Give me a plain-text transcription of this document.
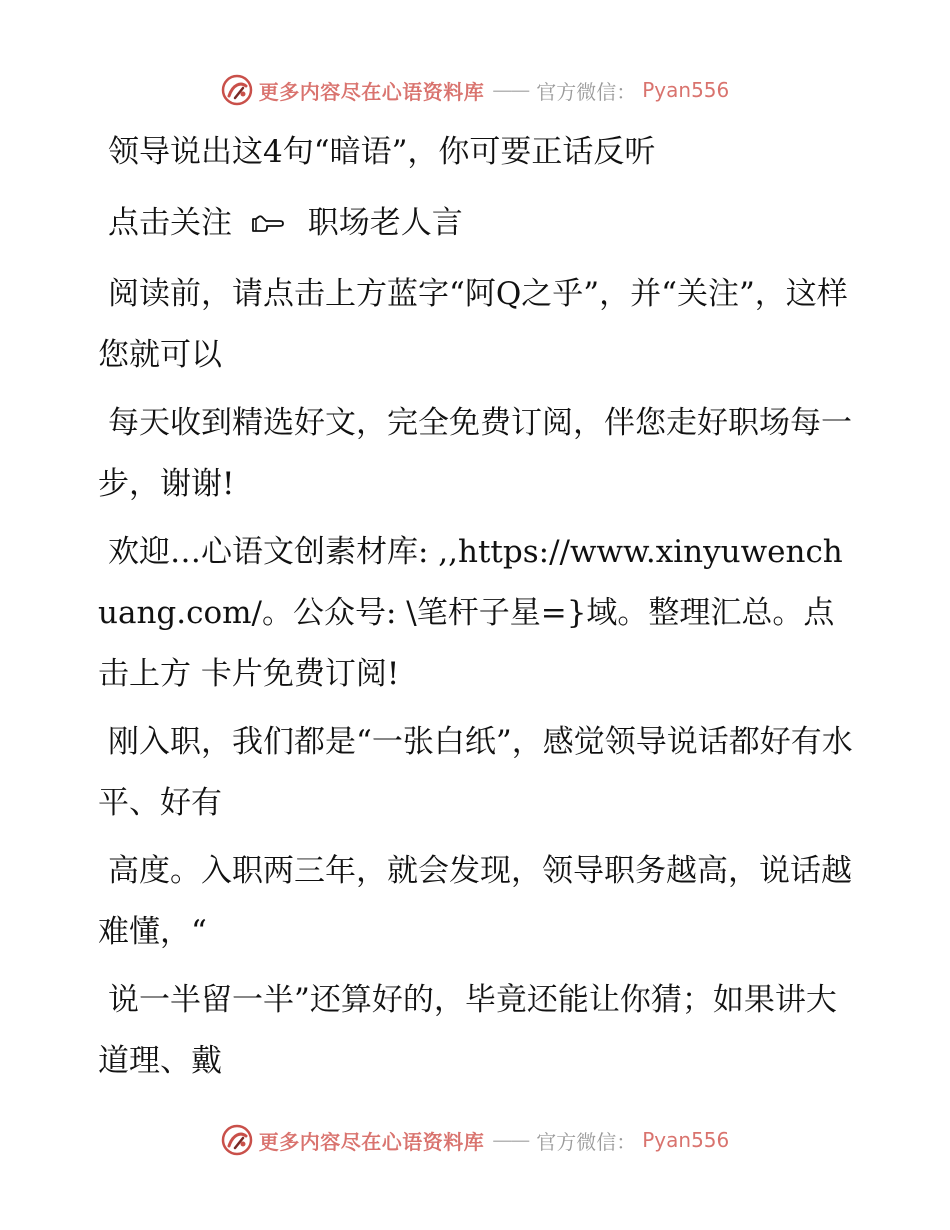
更多内容尽在心语资料库 —— 官方微信： Pyan556

领导说出这4句“暗语”，你可要正话反听

点击关注 职场老人言

阅读前，请点击上方蓝字“阿Q之乎”，并“关注”，这样您就可以

每天收到精选好文，完全免费订阅，伴您走好职场每一步，谢谢!

欢迎…心语文创素材库: ,,https://www.xinyuwenchuang.com/。公众号: \笔杆子星=}域。整理汇总。点击上方 卡片免费订阅!

刚入职，我们都是“一张白纸”，感觉领导说话都好有水平、好有

高度。入职两三年，就会发现，领导职务越高，说话越难懂，“

说一半留一半”还算好的，毕竟还能让你猜；如果讲大道理、戴

更多内容尽在心语资料库 —— 官方微信： Pyan556
